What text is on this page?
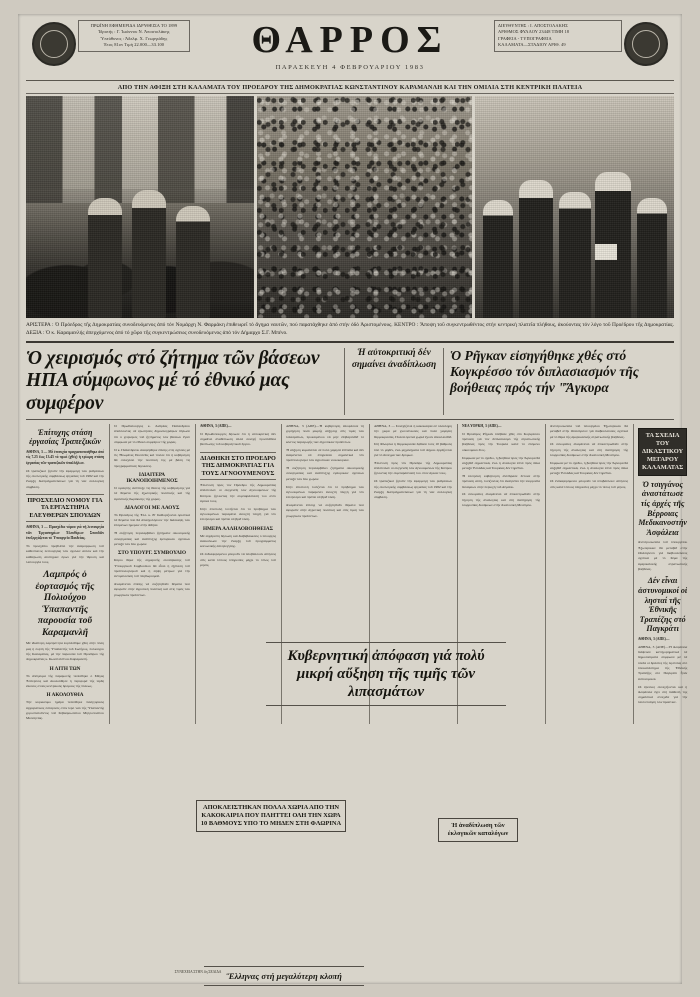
ΠΡΩΪΝΗ ΕΦΗΜΕΡΙΔΑ ΙΔΡΥΘΕΙΣΑ ΤΟ 1899
Ίδρυτής : Γ. Ίωάννου Ν. Άποστολάκης
Ύπεύθυνος : Άδελφ. Χ. Γεωργιάδης
Έτος 81ον Τιμή 22.000—33.100	ΘΑΡΡΟΣ
ΠΑΡΑΣΚΕΥΗ 4 ΦΕΒΡΟΥΑΡΙΟΥ 1983
ΔΙΕΥΘΥΝΤΗΣ : Ι. ΑΠΟΣΤΟΛΑΚΗΣ
ΑΡΙΘΜΟΣ ΦΥΛΛΟΥ 23448 ΤΙΜΗ 18
ΓΡΑΦΕΙΑ - ΤΥΠΟΓΡΑΦΕΙΑ
ΚΑΛΑΜΑΤΑ—ΣΤΑΔΙΟΥ ΑΡΙΘ. 49
ΑΠΟ ΤΗΝ ΑΦΙΞΗ ΣΤΗ ΚΑΛΑΜΑΤΑ ΤΟΥ ΠΡΟΕΔΡΟΥ ΤΗΣ ΔΗΜΟΚΡΑΤΙΑΣ ΚΩΝΣΤΑΝΤΙΝΟΥ ΚΑΡΑΜΑΝΛΗ ΚΑΙ ΤΗΝ ΟΜΙΛΙΑ ΣΤΗ ΚΕΝΤΡΙΚΗ ΠΛΑΤΕΙΑ
ΑΡΙΣΤΕΡΑ : Ὁ Πρόεδρος τῆς Δημοκρατίας συνοδευόμενος ἀπό τόν Νομάρχη Ν. Φαρμάκη ἐπιθεωρεῖ τό ἄγημα ναυτῶν, πού παρατάχθηκε ἀπό στήν ὁδό Ἀριστομένους. ΚΕΝΤΡΟ : Ἄποψη τοῦ συγκεντρωθέντος στήν κεντρική πλατεῖα πλήθους, ἀκούοντας τόν λόγο τοῦ Προέδρου τῆς Δημοκρατίας. ΔΕΞΙΑ : Ὁ κ. Καραμανλής ἀπερχόμενος ἀπό τό χῶρο τῆς συγκεντρώσεως συνοδευόμενος ἀπό τόν Δήμαρχο Σ.Γ. Μπένο.
Ὁ χειρισμός στό ζήτημα τῶν βάσεων ΗΠΑ σύμφωνος μέ τό ἐθνικό μας συμφέρον
Ἡ αὐτοκριτική δέν σημαίνει ἀναδίπλωση
Ὁ Ρῆγκαν εἰσηγήθηκε χθές στό Κογκρέσσο τόν διπλασιασμόν τῆς βοήθειας πρός τήν "Ἄγκυρα
Ἐπίτυχης στάση ἐργασίας Τραπεζικῶν

ΑΘΗΝΑ, 3 — Μέ ἐπιτυχία πραγματοποιήθηκε ἀπό τίς 7.25 ἕως 13.45 τό πρωί (χθές) ἡ τρίωρη στάση ἐργασίας τῶν τραπεζικῶν ὑπαλλήλων.

Οἱ τραπεζικοί ζητοῦν τήν ἐφαρμογή τῶν ρυθμίσεων τῆς συλλογικῆς συμβάσεως ἐργασίας τοῦ 1982 καί τήν ἔναρξη διαπραγματεύσεων γιά τή νέα συλλογική σύμβαση.

ΠΡΟΣΧΕΔΙΟ ΝΟΜΟΥ ΓΙΑ ΤΑ ΕΡΓΑΣΤΗΡΙΑ ΕΛΕΥΘΕΡΩΝ ΣΠΟΥΔΩΝ

ΑΘΗΝΑ, 3 — Προσχέδιο νόμου γιά τή λειτουργία τῶν Ἐργαστηρίων Ἐλευθέρων Σπουδῶν ἐπεξεργάζεται τό Ὑπουργεῖο Παιδείας.

Τό προσχέδιο προβλέπει τήν ἀναμόρφωση τοῦ καθεστῶτος λειτουργίας τῶν σχολῶν αὐτῶν καί τήν καθιέρωση αὐστηρῶν ὅρων γιά τήν ἵδρυση καί λειτουργία τους.

Λαμπρός ὁ ἑορτασμός τῆς Πολιούχου Ὑπαπαντῆς παρουσία τοῦ Καραμανλῆ

Μέ ἰδιαίτερη λαμπρότητα ἑορτάσθηκε χθές στήν πόλη μας ἡ ἑορτή τῆς Ὑπαπαντῆς τοῦ Σωτῆρος, πολιούχου τῆς Καλαμάτας, μέ τήν παρουσία τοῦ Προέδρου τῆς Δημοκρατίας κ. Κωνσταντίνου Καραμανλῆ.

Η ΛΙΤΗ ΤΩΝ

Τό ἀπόγευμα τῆς παραμονῆς τελέσθηκε ὁ Μέγας Ἑσπερινός καί ἀκολούθησε ἡ περιφορά τῆς ἱερᾶς εἰκόνος στούς κεντρικούς δρόμους τῆς πόλεως.

Η ΑΚΟΛΟΥΘΙΑ

Τήν κυριώνυμο ἡμέρα τελέσθηκε πανηγυρικός ἀρχιερατικός ἑσπερινός στόν ἱερό ναό τῆς Ὑπαπαντῆς χοροστατοῦντος τοῦ Σεβασμιωτάτου Μητροπολίτου Μεσσηνίας.

Ὁ Πρωθυπουργός κ. Ἀνδρέας Παπανδρέου ἀπαντώντας σέ ἐρωτήσεις δημοσιογράφων δήλωσε ὅτι ὁ χειρισμός τοῦ ζητήματος τῶν βάσεων ἔγινε σύμφωνα μέ τό ἐθνικό συμφέρον τῆς χώρας.

Ὁ κ. Παπανδρέου ἀναφέρθηκε ἐπίσης στίς σχέσεις μέ τίς Ἡνωμένες Πολιτεῖες καί τόνισε ὅτι ἡ κυβέρνηση θά συνεχίσει τήν πολιτική της μέ βάση τίς προγραμματικές δηλώσεις.

ΙΔΙΑΙΤΕΡΑ ΙΚΑΝΟΠΟΙΗΜΕΝΟΣ

Ὁ ὁμιλητής ἀνέπτυξε τίς θέσεις τῆς κυβέρνησης γιά τά θέματα τῆς ἐξωτερικῆς πολιτικῆς καί τῆς ἀμυντικῆς θωράκισης τῆς χώρας.

ΔΙΑΛΟΓΟΙ ΜΕ ΛΑΟΥΣ

Τό Πρόεδρος τῆς Ἑλλ. κ. Θ΄ Καθορίζονται ὁριστικά τά θέματα πού θά ἀπασχολήσουν τήν διάσκεψη τῶν ἑπόμενων ἡμερῶν στήν Ἀθήνα.

Ἡ συζήτηση περιλαμβάνει ζητήματα οἰκονομικῆς συνεργασίας καί ἀνάπτυξης ἐμπορικῶν σχέσεων μεταξύ τῶν δύο χωρῶν.

ΣΤΟ ΥΠΟΥΡΓ. ΣΥΜΒΟΥΛΙΟ

Κύριο θέμα τῆς σημερινῆς συνεδρίασης τοῦ Ὑπουργικοῦ Συμβουλίου θά εἶναι ἡ ἐξέταση τοῦ προϋπολογισμοῦ καί ἡ λήψη μέτρων γιά τήν ἀντιμετώπιση τοῦ πληθωρισμοῦ.

Ἀναμένεται ἐπίσης νά συζητηθοῦν θέματα πού ἀφοροῦν στήν ἀγροτική πολιτική καί στίς τιμές τῶν γεωργικῶν προϊόντων.

ΑΘΗΝΑ, 3 (ΑΠΕ)—

Ὁ Πρωθυπουργός δήλωσε ὅτι ἡ αὐτοκριτική δέν σημαίνει ἀναδίπλωση ἀλλά συνεχῆ προσπάθεια βελτίωσης τοῦ κυβερνητικοῦ ἔργου.

ΔΙΑΘΗΚΗ ΣΤΟ ΠΡΟΕΔΡΟ ΤΗΣ ΔΗΜΟΚΡΑΤΙΑΣ ΓΙΑ ΤΟΥΣ ΑΓΝΟΟΥΜΕΝΟΥΣ

Ἐπιστολή πρός τόν Πρόεδρο τῆς Δημοκρατίας ἀπέστειλαν οἱ συγγενεῖς τῶν ἀγνοουμένων τῆς Κύπρου ζητώντας τήν συμπαράστασή του στόν ἀγώνα τους.

Στήν ἐπιστολή τονίζεται ὅτι τό πρόβλημα τῶν ἀγνοουμένων παραμένει ἀνοιχτή πληγή γιά τόν ἑλληνισμό καί πρέπει νά βρεῖ λύση.

ΗΜΕΡΑ ΑΛΛΗΛΟΒΟΗΘΕΙΑΣ

Μέ εὐχάριστη δήλωση καί διαβεβαιώσεις ὁ ὑπουργός ἀνακοίνωσε τήν ἔναρξη τοῦ προγράμματος κοινωνικῆς ἀλληλεγγύης.

Οἱ ἐνδιαφερόμενοι μποροῦν νά ὑποβάλλουν αἰτήσεις στίς κατά τόπους ὑπηρεσίες μέχρι τό τέλος τοῦ μηνός.

ΑΘΗΝΑ, 3 (ΑΠΕ)—Ἡ κυβέρνηση ἀποφάσισε τή χορήγηση πολύ μικρῆς αὔξησης στίς τιμές τῶν λιπασμάτων, προκειμένου νά μήν ἐπιβαρυνθεῖ τό κόστος παραγωγῆς τῶν ἀγροτικῶν προϊόντων.

Ἡ αὔξηση κυμαίνεται σέ πολύ χαμηλά ἐπίπεδα καί δέν ἀναμένεται νά ἐπηρεάσει σημαντικά τόν προϋπολογισμό τῶν ἀγροτικῶν νοικοκυριῶν.

Ἡ συζήτηση περιλαμβάνει ζητήματα οἰκονομικῆς συνεργασίας καί ἀνάπτυξης ἐμπορικῶν σχέσεων μεταξύ τῶν δύο χωρῶν.

Στήν ἐπιστολή τονίζεται ὅτι τό πρόβλημα τῶν ἀγνοουμένων παραμένει ἀνοιχτή πληγή γιά τόν ἑλληνισμό καί πρέπει νά βρεῖ λύση.

Ἀναμένεται ἐπίσης νά συζητηθοῦν θέματα πού ἀφοροῦν στήν ἀγροτική πολιτική καί στίς τιμές τῶν γεωργικῶν προϊόντων.

ΑΘΗΝΑ, 3 — Συνεχίζεται ἡ κακοκαιρία σέ ὁλόκληρη τήν χώρα μέ χιονοπτώσεις καί πολύ χαμηλές θερμοκρασίες. Πολλά ὀρεινά χωριά ἔχουν ἀποκλεισθεῖ.

Στή Φλώρινα ἡ θερμοκρασία ἔφθασε τούς 10 βαθμούς ὑπό τό μηδέν, ἐνῶ μηχανήματα τοῦ Δήμου ἐργάζονται γιά τό ἄνοιγμα τῶν δρόμων.

Ἐπιστολή πρός τόν Πρόεδρο τῆς Δημοκρατίας ἀπέστειλαν οἱ συγγενεῖς τῶν ἀγνοουμένων τῆς Κύπρου ζητώντας τήν συμπαράστασή του στόν ἀγώνα τους.

Οἱ τραπεζικοί ζητοῦν τήν ἐφαρμογή τῶν ρυθμίσεων τῆς συλλογικῆς συμβάσεως ἐργασίας τοῦ 1982 καί τήν ἔναρξη διαπραγματεύσεων γιά τή νέα συλλογική σύμβαση.

ΝΕΑ ΥΟΡΚΗ, 3 (ΑΠΕ)—

Ὁ Πρόεδρος Ρῆγκαν ὑπέβαλε χθές στό Κογκρέσσο πρόταση γιά τόν διπλασιασμό τῆς στρατιωτικῆς βοήθειας πρός τήν Τουρκία κατά τό ἑπόμενο οἰκονομικό ἔτος.

Σύμφωνα μέ τό σχέδιο, ἡ βοήθεια πρός τήν Ἄγκυρα θά αὐξηθεῖ σημαντικά, ἐνῶ ἡ ἀναλογία ἑπτά πρός δέκα μεταξύ Ἑλλάδας καί Τουρκίας δέν τηρεῖται.

Ἡ ἑλληνική κυβέρνηση ἀντέδρασε ἔντονα στήν πρόταση αὐτή, τονίζοντας ὅτι ἀνατρέπει τήν ἰσορροπία δυνάμεων στήν περιοχή τοῦ Αἰγαίου.

Οἱ συνομιλίες ἀναμένεται νά ἐπικεντρωθοῦν στήν τήρηση τῆς ἀναλογίας καί στή διατήρηση τῆς ἰσορροπίας δυνάμεων στήν Ἀνατολική Μεσόγειο.

Ἀντιπροσωπεία τοῦ ὑπουργείου Ἐξωτερικῶν θά μεταβεῖ στήν Οὐάσιγκτον γιά διαβουλεύσεις σχετικά μέ τό θέμα τῆς ἀμερικανικῆς στρατιωτικῆς βοήθειας.

Οἱ συνομιλίες ἀναμένεται νά ἐπικεντρωθοῦν στήν τήρηση τῆς ἀναλογίας καί στή διατήρηση τῆς ἰσορροπίας δυνάμεων στήν Ἀνατολική Μεσόγειο.

Σύμφωνα μέ τό σχέδιο, ἡ βοήθεια πρός τήν Ἄγκυρα θά αὐξηθεῖ σημαντικά, ἐνῶ ἡ ἀναλογία ἑπτά πρός δέκα μεταξύ Ἑλλάδας καί Τουρκίας δέν τηρεῖται.

Οἱ ἐνδιαφερόμενοι μποροῦν νά ὑποβάλλουν αἰτήσεις στίς κατά τόπους ὑπηρεσίες μέχρι τό τέλος τοῦ μηνός.

ΤΑ ΣΧΕΔΙΑ ΤΟΥ ΔΙΚΑΣΤΙΚΟΥ ΜΕΓΑΡΟΥ ΚΑΛΑΜΑΤΑΣ
Ὁ τσιγγάνος ἀναστάτωσε τίς ἀρχές τῆς Βέρροιας Μεδικανοστήν Ἀσφάλεια

Ἀντιπροσωπεία τοῦ ὑπουργείου Ἐξωτερικῶν θά μεταβεῖ στήν Οὐάσιγκτον γιά διαβουλεύσεις σχετικά μέ τό θέμα τῆς ἀμερικανικῆς στρατιωτικῆς βοήθειας.

Δέν εἶναι ἀστυνομικοί οἱ λησταί τῆς Ἐθνικῆς Τραπέζης στό Παγκράτι

ΑΘΗΝΑ, 3 (ΑΠΕ)—

ΑΘΗΝΑ, 3 (ΑΠΕ)—Ἡ Ἀσφάλεια διέψευσε κατηγορηματικά τά δημοσιεύματα σύμφωνα μέ τά ὁποῖα οἱ δράστες τῆς ληστείας στό ὑποκατάστημα τῆς Ἐθνικῆς Τραπέζης στό Παγκράτι ἦταν ἀστυνομικοί.

Οἱ ἔρευνες συνεχίζονται καί ἡ Ἀσφάλεια ἔχει στή διάθεσή της σημαντικά στοιχεῖα γιά τήν ταυτοποίηση τῶν δραστῶν.

Κυβερνητική ἀπόφαση γιά πολύ μικρή αὔξηση τῆς τιμῆς τῶν λιπασμάτων
ΑΠΟΚΛΕΙΣΤΗΚΑΝ ΠΟΛΛΑ ΧΩΡΙΑ ΑΠΟ ΤΗΝ ΚΑΚΟΚΑΙΡΙΑ ΠΟΥ ΠΛΗΤΤΕΙ ΟΛΗ ΤΗΝ ΧΩΡΑ 10 ΒΑΘΜΟΥΣ ΥΠΟ ΤΟ ΜΗΔΕΝ ΣΤΗ ΦΛΩΡΙΝΑ
Ἕλληνας στή μεγαλύτερη κλοπή
Ἡ ἀναδίπλωση τῶν ἐκλογικῶν καταλόγων
ΣΥΝΕΧΕΙΑ ΣΤΗΝ 4η ΣΕΛΙΔΑ
